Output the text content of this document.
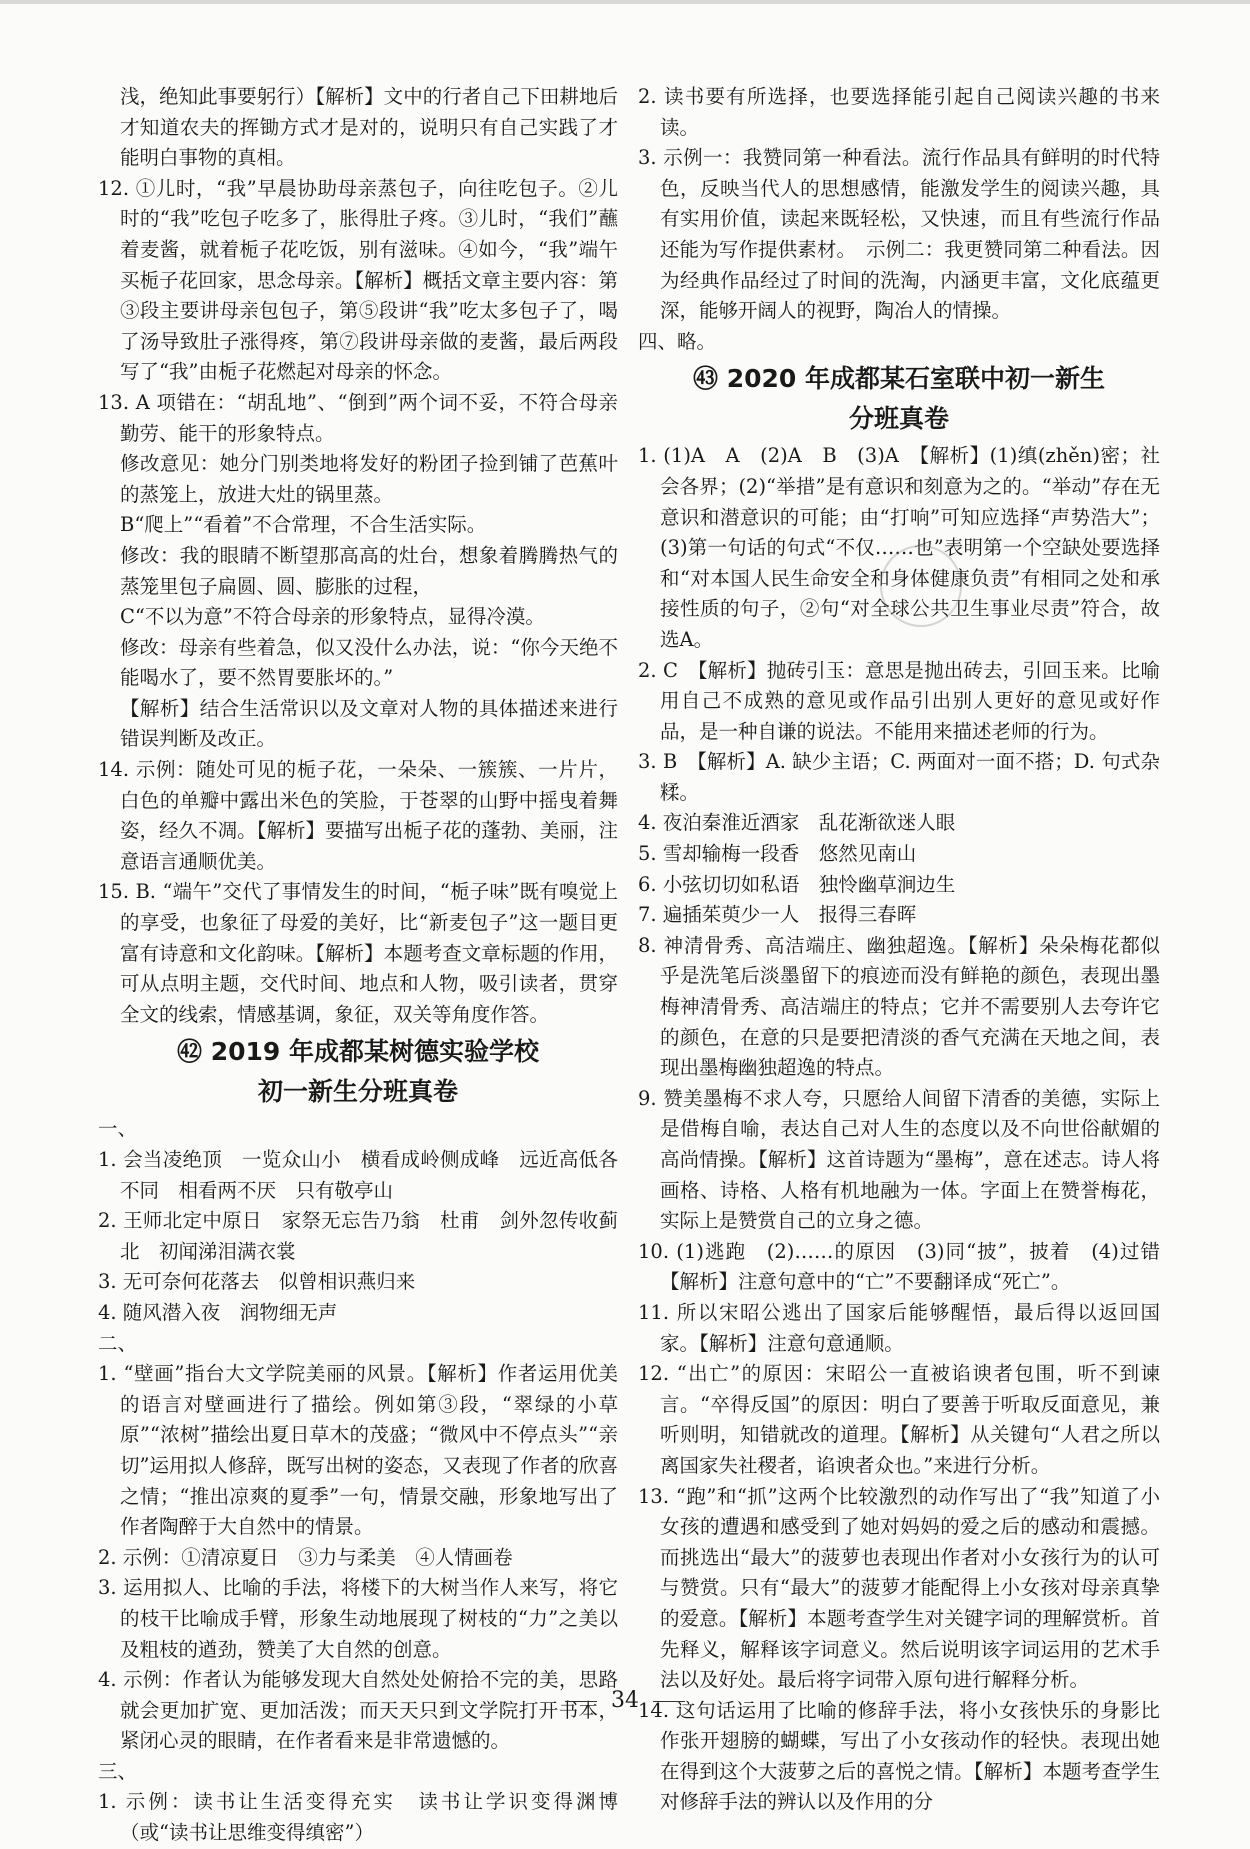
浅，绝知此事要躬行）【解析】文中的行者自己下田耕地后才知道农夫的挥锄方式才是对的，说明只有自己实践了才能明白事物的真相。

12. ①儿时，“我”早晨协助母亲蒸包子，向往吃包子。②儿时的“我”吃包子吃多了，胀得肚子疼。③儿时，“我们”蘸着麦酱，就着栀子花吃饭，别有滋味。④如今，“我”端午买栀子花回家，思念母亲。【解析】概括文章主要内容：第③段主要讲母亲包包子，第⑤段讲“我”吃太多包子了，喝了汤导致肚子涨得疼，第⑦段讲母亲做的麦酱，最后两段写了“我”由栀子花燃起对母亲的怀念。

13. A 项错在：“胡乱地”、“倒到”两个词不妥，不符合母亲勤劳、能干的形象特点。

修改意见：她分门别类地将发好的粉团子捡到铺了芭蕉叶的蒸笼上，放进大灶的锅里蒸。

B“爬上”“看着”不合常理，不合生活实际。

修改：我的眼睛不断望那高高的灶台，想象着腾腾热气的蒸笼里包子扁圆、圆、膨胀的过程，

C“不以为意”不符合母亲的形象特点，显得冷漠。

修改：母亲有些着急，似又没什么办法，说：“你今天绝不能喝水了，要不然胃要胀坏的。”

【解析】结合生活常识以及文章对人物的具体描述来进行错误判断及改正。

14. 示例：随处可见的栀子花，一朵朵、一簇簇、一片片，白色的单瓣中露出米色的笑脸，于苍翠的山野中摇曳着舞姿，经久不凋。【解析】要描写出栀子花的蓬勃、美丽，注意语言通顺优美。

15. B. “端午”交代了事情发生的时间，“栀子味”既有嗅觉上的享受，也象征了母爱的美好，比“新麦包子”这一题目更富有诗意和文化韵味。【解析】本题考查文章标题的作用，可从点明主题，交代时间、地点和人物，吸引读者，贯穿全文的线索，情感基调，象征，双关等角度作答。

㊷ 2019 年成都某树德实验学校
初一新生分班真卷

一、

1. 会当凌绝顶　一览众山小　横看成岭侧成峰　远近高低各不同　相看两不厌　只有敬亭山

2. 王师北定中原日　家祭无忘告乃翁　杜甫　剑外忽传收蓟北　初闻涕泪满衣裳

3. 无可奈何花落去　似曾相识燕归来

4. 随风潜入夜　润物细无声

二、

1. “壁画”指台大文学院美丽的风景。【解析】作者运用优美的语言对壁画进行了描绘。例如第③段，“翠绿的小草原”“浓树”描绘出夏日草木的茂盛；“微风中不停点头”“亲切”运用拟人修辞，既写出树的姿态，又表现了作者的欣喜之情；“推出凉爽的夏季”一句，情景交融，形象地写出了作者陶醉于大自然中的情景。

2. 示例：①清凉夏日　③力与柔美　④人情画卷

3. 运用拟人、比喻的手法，将楼下的大树当作人来写，将它的枝干比喻成手臂，形象生动地展现了树枝的“力”之美以及粗枝的遒劲，赞美了大自然的创意。

4. 示例：作者认为能够发现大自然处处俯拾不完的美，思路就会更加扩宽、更加活泼；而天天只到文学院打开书本，紧闭心灵的眼睛，在作者看来是非常遗憾的。

三、

1. 示例：读书让生活变得充实　读书让学识变得渊博（或“读书让思维变得缜密”）

2. 读书要有所选择，也要选择能引起自己阅读兴趣的书来读。

3. 示例一：我赞同第一种看法。流行作品具有鲜明的时代特色，反映当代人的思想感情，能激发学生的阅读兴趣，具有实用价值，读起来既轻松，又快速，而且有些流行作品还能为写作提供素材。　示例二：我更赞同第二种看法。因为经典作品经过了时间的洗淘，内涵更丰富，文化底蕴更深，能够开阔人的视野，陶冶人的情操。

四、略。

㊸ 2020 年成都某石室联中初一新生
分班真卷

1. (1)A　A　(2)A　B　(3)A　【解析】(1)缜(zhěn)密；社会各界；(2)“举措”是有意识和刻意为之的。“举动”存在无意识和潜意识的可能；由“打响”可知应选择“声势浩大”；(3)第一句话的句式“不仅……也”表明第一个空缺处要选择和“对本国人民生命安全和身体健康负责”有相同之处和承接性质的句子，②句“对全球公共卫生事业尽责”符合，故选A。

2. C　【解析】抛砖引玉：意思是抛出砖去，引回玉来。比喻用自己不成熟的意见或作品引出别人更好的意见或好作品，是一种自谦的说法。不能用来描述老师的行为。

3. B　【解析】A. 缺少主语；C. 两面对一面不搭；D. 句式杂糅。

4. 夜泊秦淮近酒家　乱花渐欲迷人眼

5. 雪却输梅一段香　悠然见南山

6. 小弦切切如私语　独怜幽草涧边生

7. 遍插茱萸少一人　报得三春晖

8. 神清骨秀、高洁端庄、幽独超逸。【解析】朵朵梅花都似乎是洗笔后淡墨留下的痕迹而没有鲜艳的颜色，表现出墨梅神清骨秀、高洁端庄的特点；它并不需要别人去夸许它的颜色，在意的只是要把清淡的香气充满在天地之间，表现出墨梅幽独超逸的特点。

9. 赞美墨梅不求人夸，只愿给人间留下清香的美德，实际上是借梅自喻，表达自己对人生的态度以及不向世俗献媚的高尚情操。【解析】这首诗题为“墨梅”，意在述志。诗人将画格、诗格、人格有机地融为一体。字面上在赞誉梅花，实际上是赞赏自己的立身之德。

10. (1)逃跑　(2)……的原因　(3)同“披”，披着　(4)过错　【解析】注意句意中的“亡”不要翻译成“死亡”。

11. 所以宋昭公逃出了国家后能够醒悟，最后得以返回国家。【解析】注意句意通顺。

12. “出亡”的原因：宋昭公一直被谄谀者包围，听不到谏言。“卒得反国”的原因：明白了要善于听取反面意见，兼听则明，知错就改的道理。【解析】从关键句“人君之所以离国家失社稷者，谄谀者众也。”来进行分析。

13. “跑”和“抓”这两个比较激烈的动作写出了“我”知道了小女孩的遭遇和感受到了她对妈妈的爱之后的感动和震撼。而挑选出“最大”的菠萝也表现出作者对小女孩行为的认可与赞赏。只有“最大”的菠萝才能配得上小女孩对母亲真挚的爱意。【解析】本题考查学生对关键字词的理解赏析。首先释义，解释该字词意义。然后说明该字词运用的艺术手法以及好处。最后将字词带入原句进行解释分析。

14. 这句话运用了比喻的修辞手法，将小女孩快乐的身影比作张开翅膀的蝴蝶，写出了小女孩动作的轻快。表现出她在得到这个大菠萝之后的喜悦之情。【解析】本题考查学生对修辞手法的辨认以及作用的分

34
